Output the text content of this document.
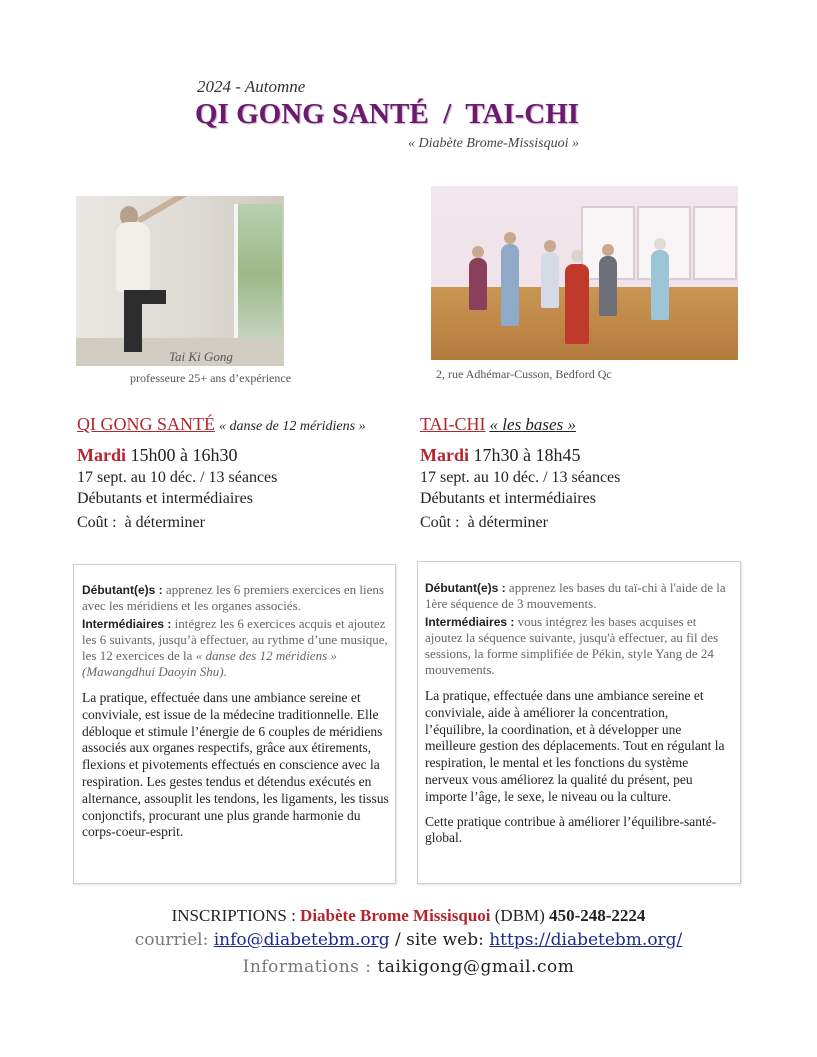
2024 - Automne
QI GONG SANTÉ  /  TAI-CHI
« Diabète Brome-Missisquoi »
Tai Ki Gong
professeure 25+ ans d’expérience	2, rue Adhémar-Cusson, Bedford Qc
QI GONG SANTÉ « danse de 12 méridiens »
Mardi 15h00 à 16h30
17 sept. au 10 déc. / 13 séances
Débutants et intermédiaires
Coût :  à déterminer
TAI-CHI « les bases »
Mardi 17h30 à 18h45
17 sept. au 10 déc. / 13 séances
Débutants et intermédiaires
Coût :  à déterminer

Débutant(e)s : apprenez les 6 premiers exercices en liens avec les méridiens et les organes associés.

Intermédiaires : intégrez les 6 exercices acquis et ajoutez les 6 suivants, jusqu’à effectuer, au rythme d’une musique, les 12 exercices de la « danse des 12 méridiens » (Mawangdhui Daoyin Shu).

La pratique, effectuée dans une ambiance sereine et conviviale, est issue de la médecine traditionnelle. Elle débloque et stimule l’énergie de 6 couples de méridiens associés aux organes respectifs, grâce aux étirements, flexions et pivotements effectués en conscience avec la respiration. Les gestes tendus et détendus exécutés en alternance, assouplit les tendons, les ligaments, les tissus conjonctifs, procurant une plus grande harmonie du corps-coeur-esprit.

Débutant(e)s : apprenez les bases du taï-chi à l'aide de la 1ère séquence de 3 mouvements.

Intermédiaires : vous intégrez les bases acquises et ajoutez la séquence suivante, jusqu'à effectuer, au fil des sessions, la forme simplifiée de Pékin, style Yang de 24 mouvements.

La pratique, effectuée dans une ambiance sereine et conviviale, aide à améliorer la concentration, l’équilibre, la coordination, et à développer une meilleure gestion des déplacements. Tout en régulant la respiration, le mental et les fonctions du système nerveux vous améliorez la qualité du présent, peu importe l’âge, le sexe, le niveau ou la culture.

Cette pratique contribue à améliorer l’équilibre-santé-global.

INSCRIPTIONS : Diabète Brome Missisquoi (DBM) 450-248-2224
courriel: info@diabetebm.org / site web: https://diabetebm.org/
Informations : taikigong@gmail.com
